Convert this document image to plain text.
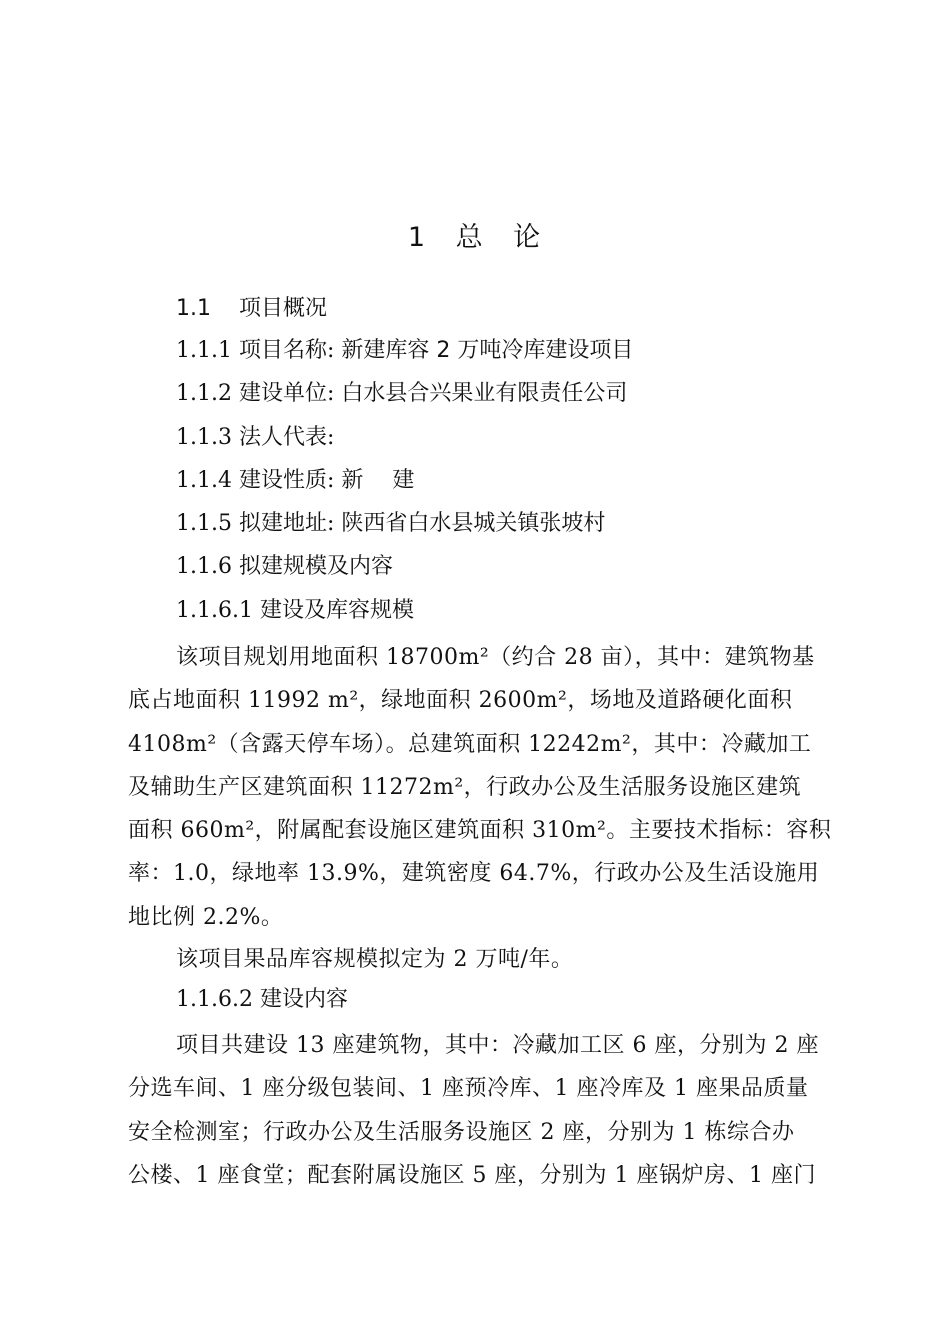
1 总 论
1.1 项目概况
1.1.1 项目名称: 新建库容 2 万吨冷库建设项目
1.1.2 建设单位: 白水县合兴果业有限责任公司
1.1.3 法人代表:
1.1.4 建设性质: 新 建
1.1.5 拟建地址: 陕西省白水县城关镇张坡村
1.1.6 拟建规模及内容
1.1.6.1 建设及库容规模
该项目规划用地面积 18700m²（约合 28 亩），其中：建筑物基
底占地面积 11992 m²，绿地面积 2600m²，场地及道路硬化面积
4108m²（含露天停车场）。总建筑面积 12242m²，其中：冷藏加工
及辅助生产区建筑面积 11272m²，行政办公及生活服务设施区建筑
面积 660m²，附属配套设施区建筑面积 310m²。主要技术指标：容积
率：1.0，绿地率 13.9%，建筑密度 64.7%，行政办公及生活设施用
地比例 2.2%。
该项目果品库容规模拟定为 2 万吨/年。
1.1.6.2 建设内容
项目共建设 13 座建筑物，其中：冷藏加工区 6 座，分别为 2 座
分选车间、1 座分级包装间、1 座预冷库、1 座冷库及 1 座果品质量
安全检测室；行政办公及生活服务设施区 2 座，分别为 1 栋综合办
公楼、1 座食堂；配套附属设施区 5 座，分别为 1 座锅炉房、1 座门
